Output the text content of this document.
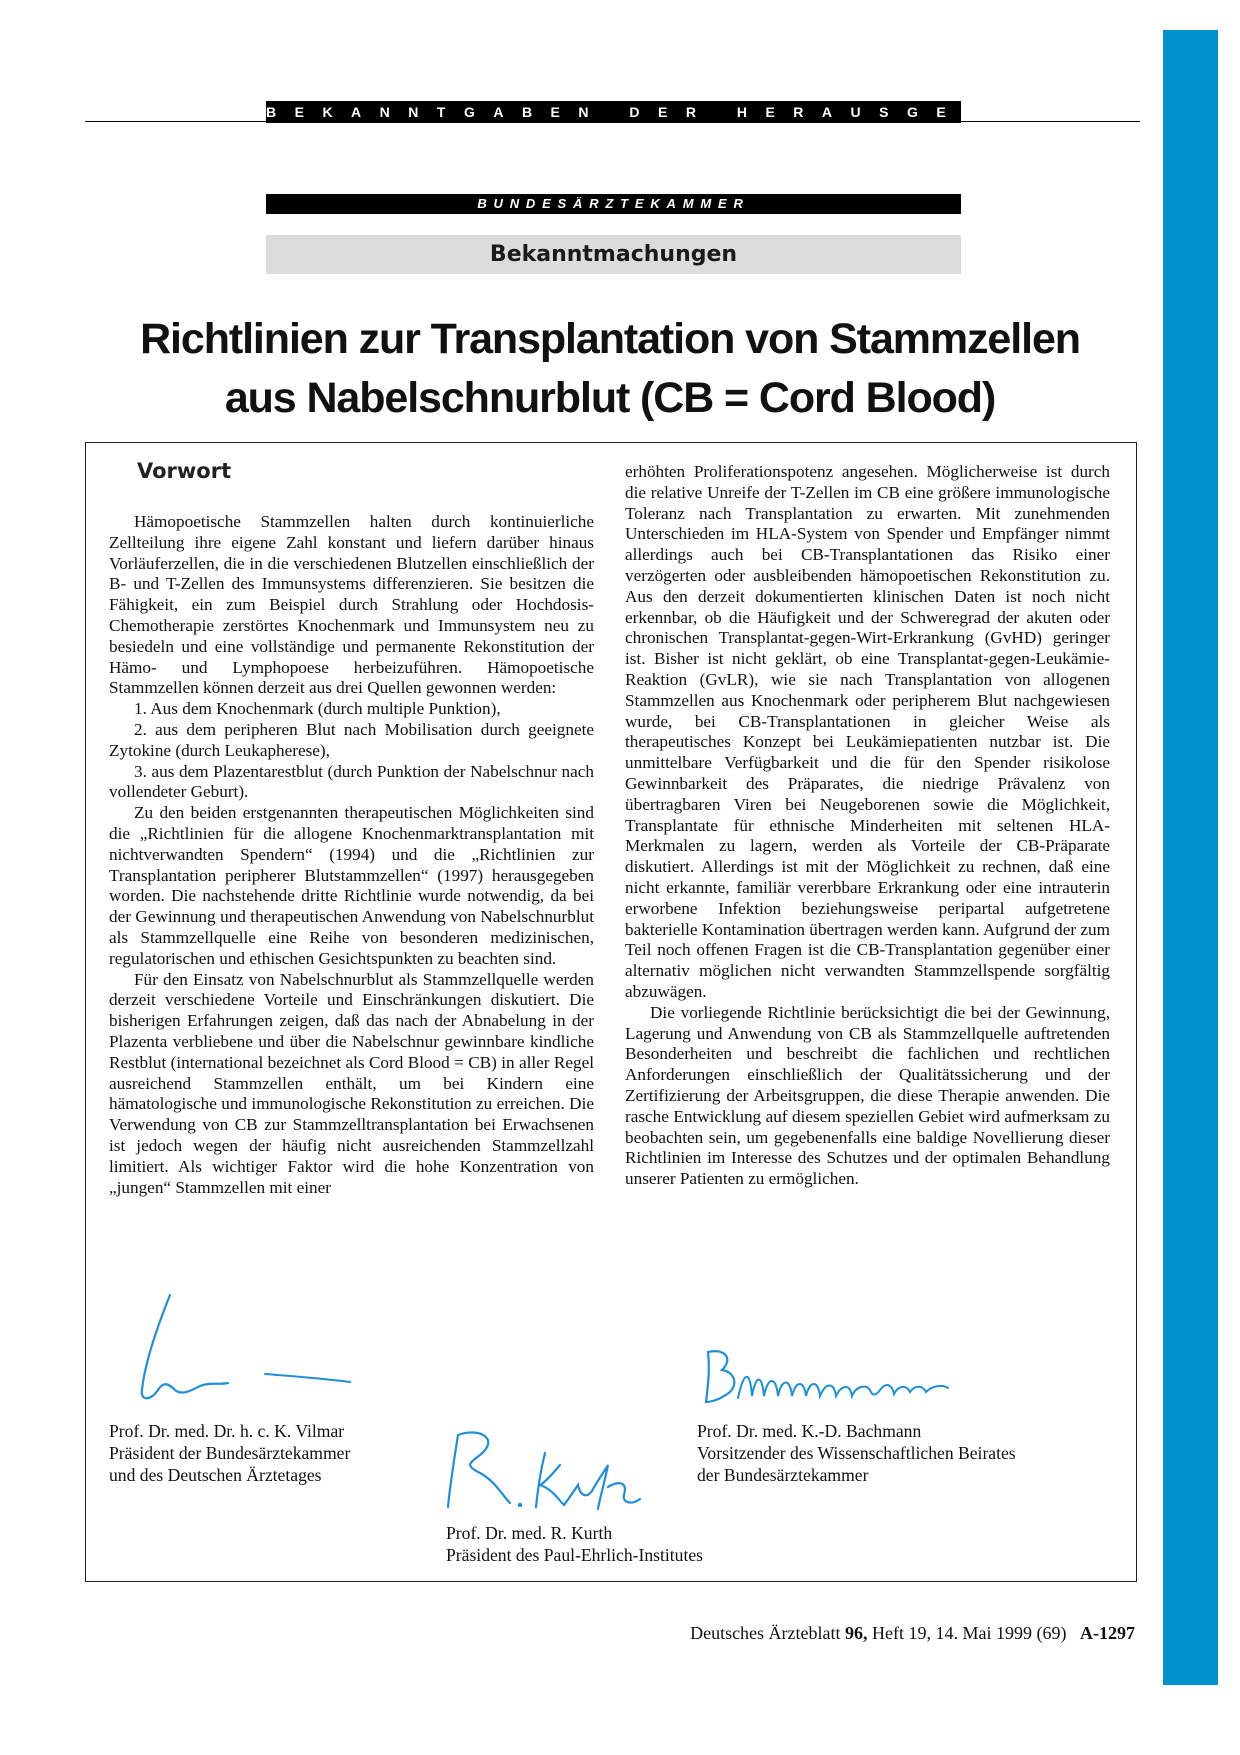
BEKANNTGABEN DER HERAUSGEBER
BUNDESÄRZTEKAMMER
Bekanntmachungen
Richtlinien zur Transplantation von Stammzellen
aus Nabelschnurblut (CB = Cord Blood)
Vorwort

Hämopoetische Stammzellen halten durch kontinuierliche Zellteilung ihre eigene Zahl konstant und liefern darüber hinaus Vorläuferzellen, die in die verschiedenen Blutzellen einschließlich der B- und T-Zellen des Immunsystems differenzieren. Sie besitzen die Fähigkeit, ein zum Beispiel durch Strahlung oder Hochdosis-Chemotherapie zerstörtes Knochenmark und Immunsystem neu zu besiedeln und eine vollständige und permanente Rekonstitution der Hämo- und Lymphopoese herbeizuführen. Hämopoetische Stammzellen können derzeit aus drei Quellen gewonnen werden:

1. Aus dem Knochenmark (durch multiple Punktion),

2. aus dem peripheren Blut nach Mobilisation durch geeignete Zytokine (durch Leukapherese),

3. aus dem Plazentarestblut (durch Punktion der Nabelschnur nach vollendeter Geburt).

Zu den beiden erstgenannten therapeutischen Möglichkeiten sind die „Richtlinien für die allogene Knochenmarktransplantation mit nichtverwandten Spendern“ (1994) und die „Richtlinien zur Transplantation peripherer Blutstammzellen“ (1997) herausgegeben worden. Die nachstehende dritte Richtlinie wurde notwendig, da bei der Gewinnung und therapeutischen Anwendung von Nabelschnurblut als Stammzellquelle eine Reihe von besonderen medizinischen, regulatorischen und ethischen Gesichtspunkten zu beachten sind.

Für den Einsatz von Nabelschnurblut als Stammzellquelle werden derzeit verschiedene Vorteile und Einschränkungen diskutiert. Die bisherigen Erfahrungen zeigen, daß das nach der Abnabelung in der Plazenta verbliebene und über die Nabelschnur gewinnbare kindliche Restblut (international bezeichnet als Cord Blood = CB) in aller Regel ausreichend Stammzellen enthält, um bei Kindern eine hämatologische und immunologische Rekonstitution zu erreichen. Die Verwendung von CB zur Stammzelltransplantation bei Erwachsenen ist jedoch wegen der häufig nicht ausreichenden Stammzellzahl limitiert. Als wichtiger Faktor wird die hohe Konzentration von „jungen“ Stammzellen mit einer

erhöhten Proliferationspotenz angesehen. Möglicherweise ist durch die relative Unreife der T-Zellen im CB eine größere immunologische Toleranz nach Transplantation zu erwarten. Mit zunehmenden Unterschieden im HLA-System von Spender und Empfänger nimmt allerdings auch bei CB-Transplantationen das Risiko einer verzögerten oder ausbleibenden hämopoetischen Rekonstitution zu. Aus den derzeit dokumentierten klinischen Daten ist noch nicht erkennbar, ob die Häufigkeit und der Schweregrad der akuten oder chronischen Transplantat-gegen-Wirt-Erkrankung (GvHD) geringer ist. Bisher ist nicht geklärt, ob eine Transplantat-gegen-Leukämie-Reaktion (GvLR), wie sie nach Transplantation von allogenen Stammzellen aus Knochenmark oder peripherem Blut nachgewiesen wurde, bei CB-Transplantationen in gleicher Weise als therapeutisches Konzept bei Leukämiepatienten nutzbar ist. Die unmittelbare Verfügbarkeit und die für den Spender risikolose Gewinnbarkeit des Präparates, die niedrige Prävalenz von übertragbaren Viren bei Neugeborenen sowie die Möglichkeit, Transplantate für ethnische Minderheiten mit seltenen HLA-Merkmalen zu lagern, werden als Vorteile der CB-Präparate diskutiert. Allerdings ist mit der Möglichkeit zu rechnen, daß eine nicht erkannte, familiär vererbbare Erkrankung oder eine intrauterin erworbene Infektion beziehungsweise peripartal aufgetretene bakterielle Kontamination übertragen werden kann. Aufgrund der zum Teil noch offenen Fragen ist die CB-Transplantation gegenüber einer alternativ möglichen nicht verwandten Stammzellspende sorgfältig abzuwägen.

Die vorliegende Richtlinie berücksichtigt die bei der Gewinnung, Lagerung und Anwendung von CB als Stammzellquelle auftretenden Besonderheiten und beschreibt die fachlichen und rechtlichen Anforderungen einschließlich der Qualitätssicherung und der Zertifizierung der Arbeitsgruppen, die diese Therapie anwenden. Die rasche Entwicklung auf diesem speziellen Gebiet wird aufmerksam zu beobachten sein, um gegebenenfalls eine baldige Novellierung dieser Richtlinien im Interesse des Schutzes und der optimalen Behandlung unserer Patienten zu ermöglichen.

Prof. Dr. med. Dr. h. c. K. Vilmar
Präsident der Bundesärztekammer
und des Deutschen Ärztetages
Prof. Dr. med. R. Kurth
Präsident des Paul-Ehrlich-Institutes
Prof. Dr. med. K.-D. Bachmann
Vorsitzender des Wissenschaftlichen Beirates
der Bundesärztekammer
Deutsches Ärzteblatt 96, Heft 19, 14. Mai 1999 (69) A-1297
